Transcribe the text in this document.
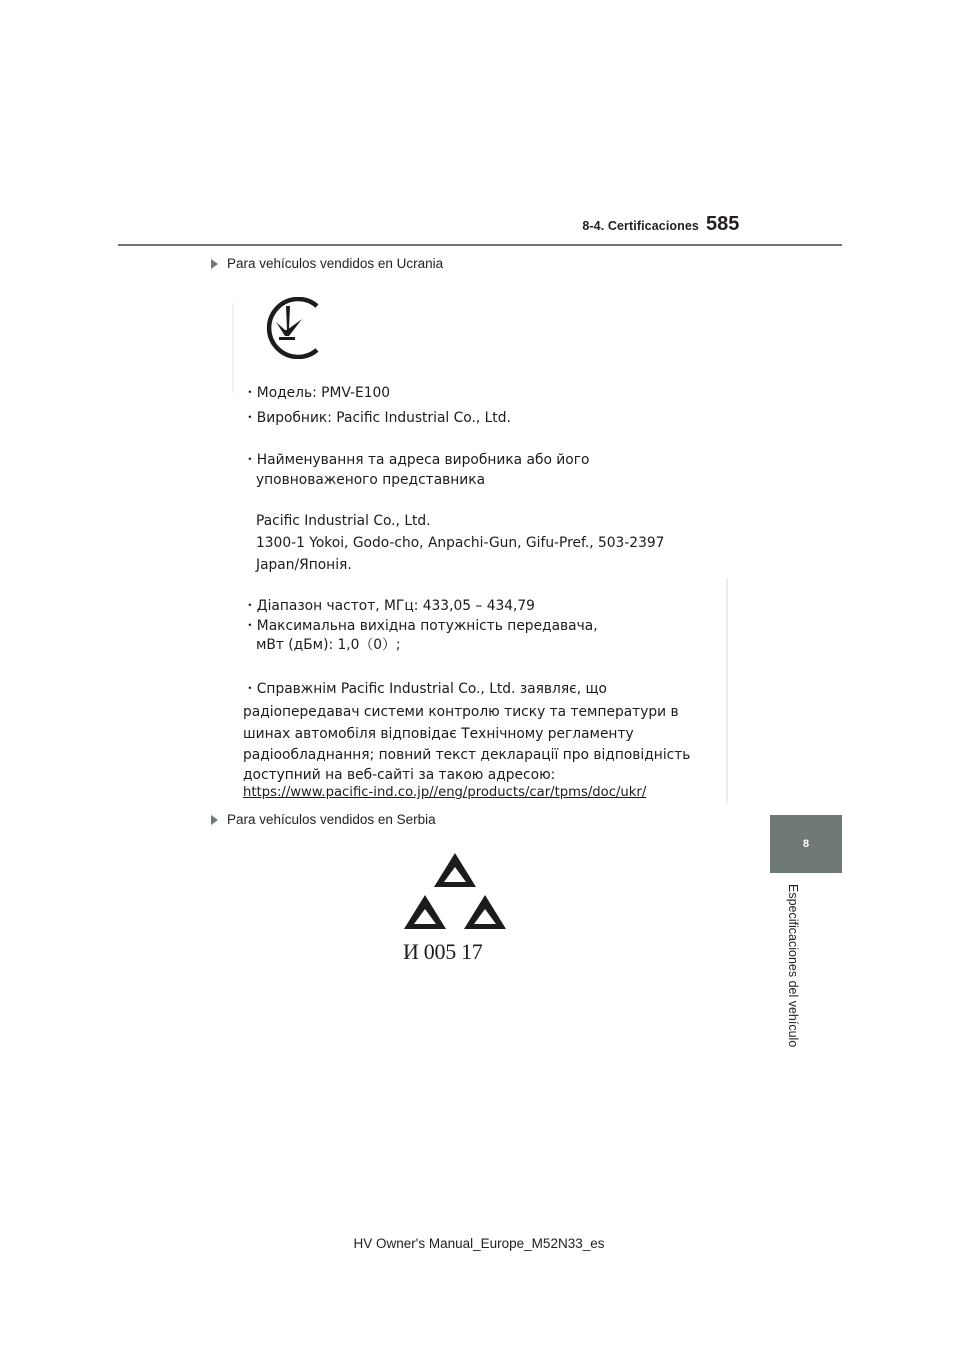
8-4. Certificaciones 585
8
Especificaciones del vehículo
Para vehículos vendidos en Ucrania
・Модель: PMV-E100
・Виробник: Pacific Industrial Co., Ltd.
・Найменування та адреса виробника або його
уповноваженого представника
Pacific Industrial Co., Ltd.
1300-1 Yokoi, Godo-cho, Anpachi-Gun, Gifu-Pref., 503-2397
Japan/Японія.
・Діапазон частот, МГц: 433,05 – 434,79
・Максимальна вихідна потужність передавача,
мВт (дБм): 1,0（0）;
・Справжнім Pacific Industrial Co., Ltd. заявляє, що
радіопередавач системи контролю тиску та температури в
шинах автомобіля відповідає Технічному регламенту
радіообладнання; повний текст декларації про відповідність
доступний на веб-сайті за такою адресою:
https://www.pacific-ind.co.jp//eng/products/car/tpms/doc/ukr/
Para vehículos vendidos en Serbia
И 005 17
HV Owner's Manual_Europe_M52N33_es
